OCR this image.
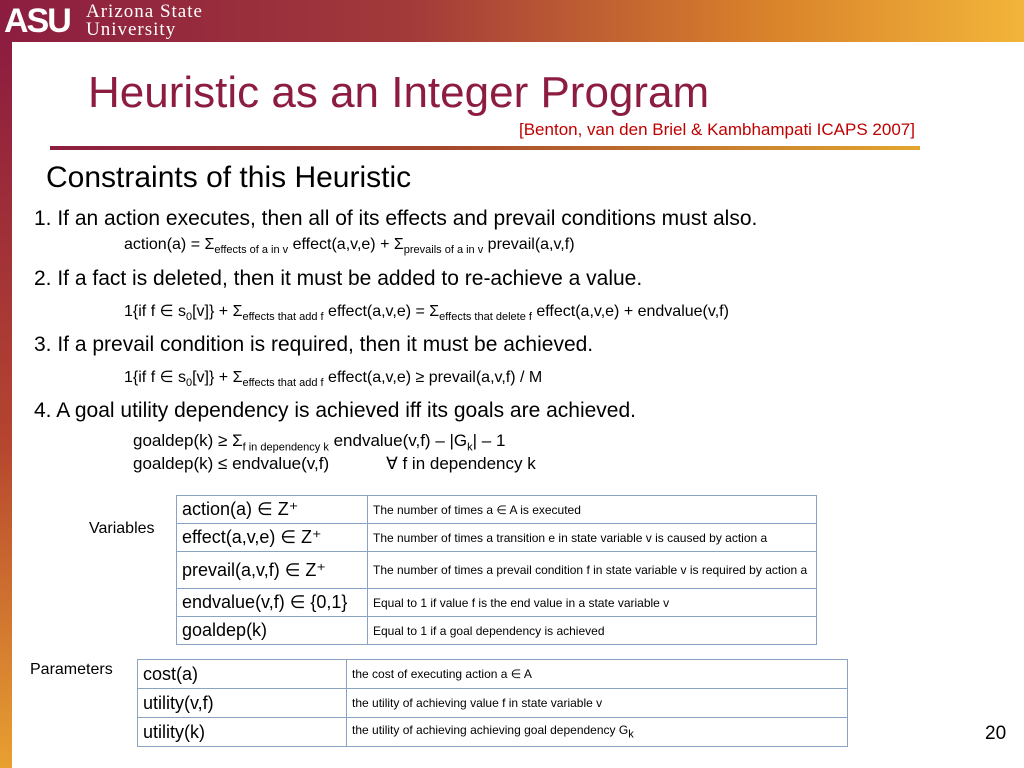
ASU Arizona State
University
Heuristic as an Integer Program
[Benton, van den Briel & Kambhampati ICAPS 2007]
Constraints of this Heuristic
1. If an action executes, then all of its effects and prevail conditions must also.
action(a) = $\Sigma_{effects of a in v}$ effect(a,v,e) + $\Sigma_{prevails of a in v}$ prevail(a,v,f)
2. If a fact is deleted, then it must be added to re-achieve a value.
1{if f ∈ $s_0[v]\} + \Sigma_{effects that add f}$ effect(a,v,e) = $\Sigma_{effects that delete f}$ effect(a,v,e) + endvalue(v,f)
3. If a prevail condition is required, then it must be achieved.
1{if f ∈ $s_0[v]\} + \Sigma_{effects that add f}$ effect(a,v,e) ≥ prevail(a,v,f) / M
4. A goal utility dependency is achieved iff its goals are achieved.
goaldep(k) ≥ $\Sigma_{f in dependency k}$ endvalue(v,f) – $|G_k| - 1$
goaldep(k) ≤ endvalue(v,f)	∀ f in dependency k
Variables
action(a) ∈ Z⁺	The number of times a ∈ A is executed
effect(a,v,e) ∈ Z⁺	The number of times a transition e in state variable v is caused by action a
prevail(a,v,f) ∈ Z⁺	The number of times a prevail condition f in state variable v is required by action a
endvalue(v,f) ∈ {0,1}	Equal to 1 if value f is the end value in a state variable v
goaldep(k)	Equal to 1 if a goal dependency is achieved
Parameters cost(a)	the cost of executing action a ∈ A
utility(v,f)	the utility of achieving value f in state variable v
utility(k)	the utility of achieving achieving goal dependency $G_k$	20
